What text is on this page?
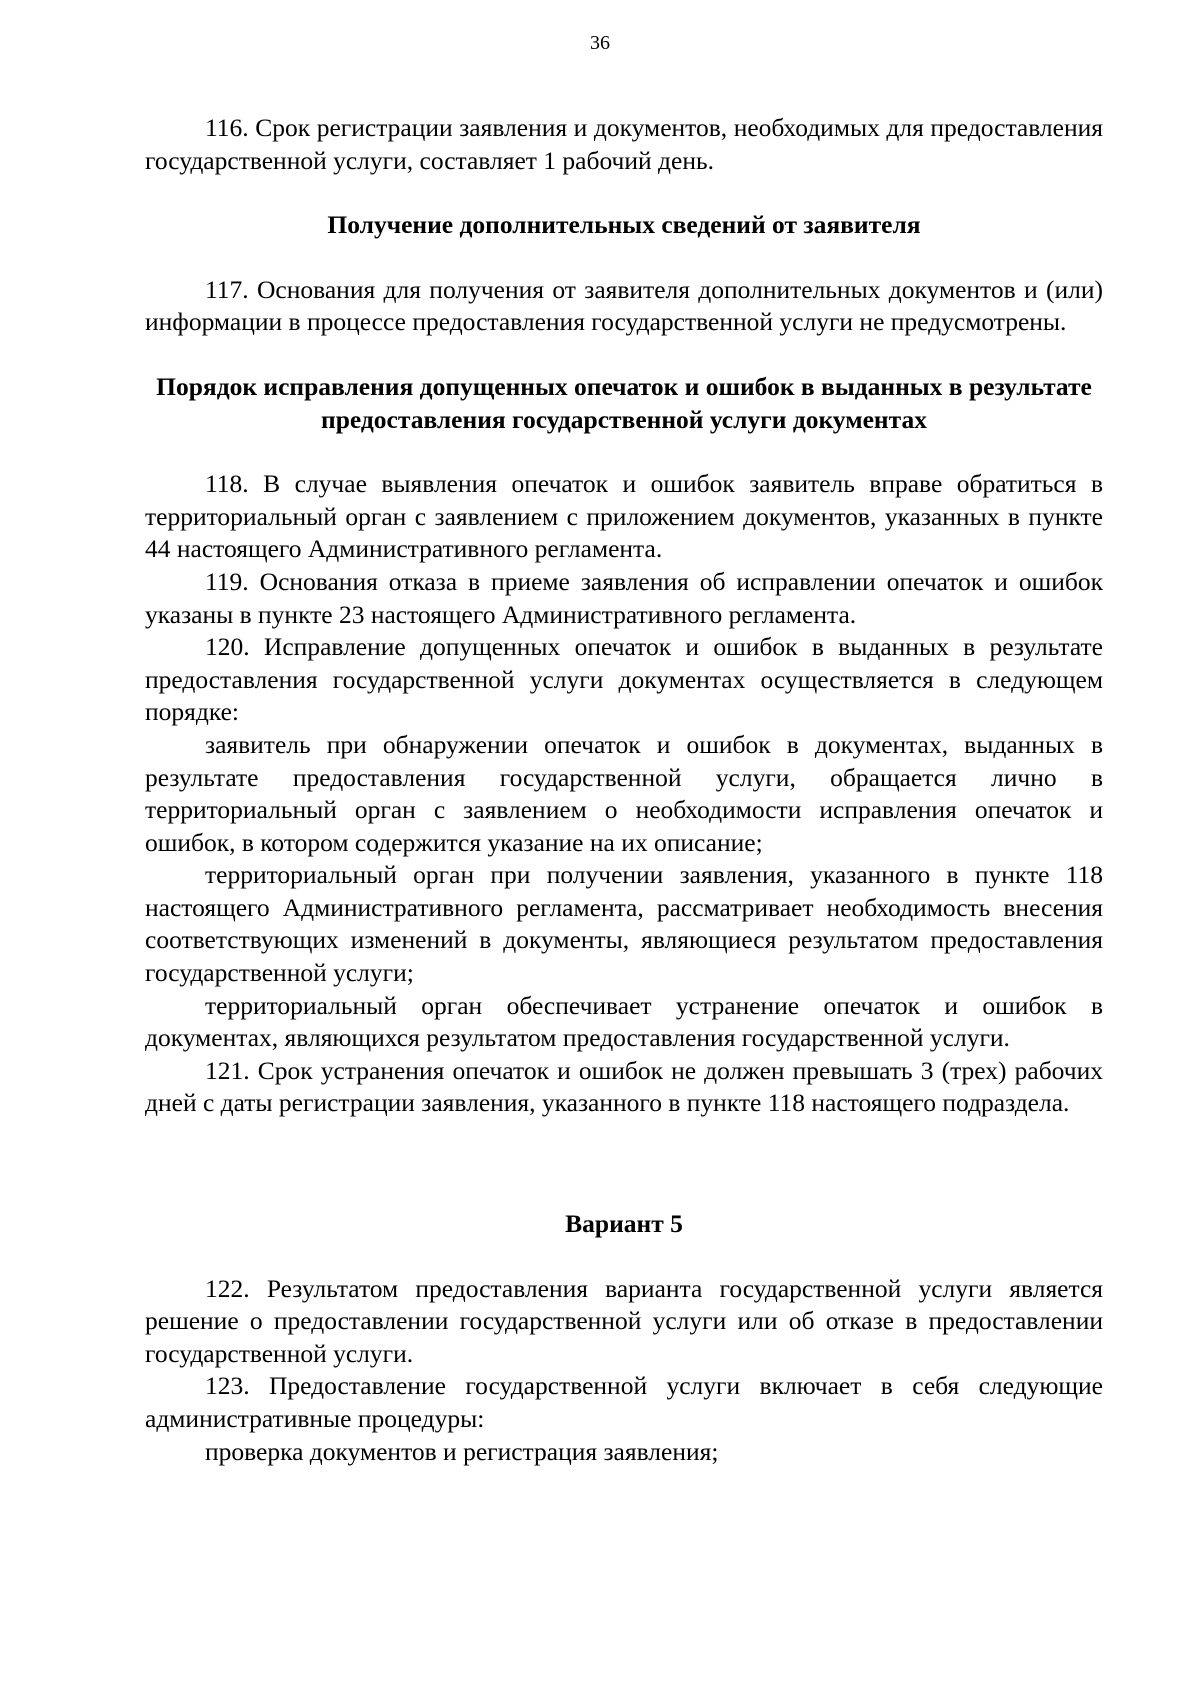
36

116. Срок регистрации заявления и документов, необходимых для предоставления государственной услуги, составляет 1 рабочий день.

Получение дополнительных сведений от заявителя

117. Основания для получения от заявителя дополнительных документов и (или) информации в процессе предоставления государственной услуги не предусмотрены.

Порядок исправления допущенных опечаток и ошибок в выданных в результате предоставления государственной услуги документах

118. В случае выявления опечаток и ошибок заявитель вправе обратиться в территориальный орган с заявлением с приложением документов, указанных в пункте 44 настоящего Административного регламента.

119. Основания отказа в приеме заявления об исправлении опечаток и ошибок указаны в пункте 23 настоящего Административного регламента.

120. Исправление допущенных опечаток и ошибок в выданных в результате предоставления государственной услуги документах осуществляется в следующем порядке:

заявитель при обнаружении опечаток и ошибок в документах, выданных в результате предоставления государственной услуги, обращается лично в территориальный орган с заявлением о необходимости исправления опечаток и ошибок, в котором содержится указание на их описание;

территориальный орган при получении заявления, указанного в пункте 118 настоящего Административного регламента, рассматривает необходимость внесения соответствующих изменений в документы, являющиеся результатом предоставления государственной услуги;

территориальный орган обеспечивает устранение опечаток и ошибок в документах, являющихся результатом предоставления государственной услуги.

121. Срок устранения опечаток и ошибок не должен превышать 3 (трех) рабочих дней с даты регистрации заявления, указанного в пункте 118 настоящего подраздела.

Вариант 5

122. Результатом предоставления варианта государственной услуги является решение о предоставлении государственной услуги или об отказе в предоставлении государственной услуги.

123. Предоставление государственной услуги включает в себя следующие административные процедуры:

проверка документов и регистрация заявления;
